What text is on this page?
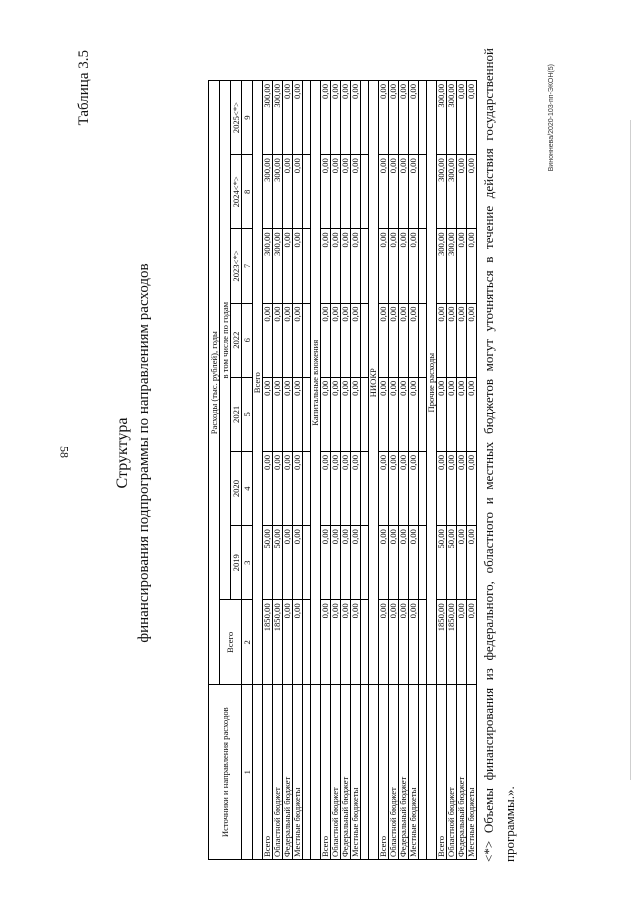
58
Таблица 3.5
Структура финансирования подпрограммы по направлениям расходов
Источники и направления расходов	Расходы (тыс. рублей), годы							
	Всего	в том числе по годам						
		2019	2020	2021	2022	2023<*>	2024<*>	2025<*>
1	2	3	4	5	6	7	8	9
	Всего							
Всего	1850,00	50,00	0,00	0,00	0,00	300,00	300,00	300,00
Областной бюджет	1850,00	50,00	0,00	0,00	0,00	300,00	300,00	300,00
Федеральный бюджет	0,00	0,00	0,00	0,00	0,00	0,00	0,00	0,00
Местные бюджеты	0,00	0,00	0,00	0,00	0,00	0,00	0,00	0,00

	Капитальные вложения							
Всего	0,00	0,00	0,00	0,00	0,00	0,00	0,00	0,00
Областной бюджет	0,00	0,00	0,00	0,00	0,00	0,00	0,00	0,00
Федеральный бюджет	0,00	0,00	0,00	0,00	0,00	0,00	0,00	0,00
Местные бюджеты	0,00	0,00	0,00	0,00	0,00	0,00	0,00	0,00

	НИОКР							
Всего	0,00	0,00	0,00	0,00	0,00	0,00	0,00	0,00
Областной бюджет	0,00	0,00	0,00	0,00	0,00	0,00	0,00	0,00
Федеральный бюджет	0,00	0,00	0,00	0,00	0,00	0,00	0,00	0,00
Местные бюджеты	0,00	0,00	0,00	0,00	0,00	0,00	0,00	0,00

	Прочие расходы							
Всего	1850,00	50,00	0,00	0,00	0,00	300,00	300,00	300,00
Областной бюджет	1850,00	50,00	0,00	0,00	0,00	300,00	300,00	300,00
Федеральный бюджет	0,00	0,00	0,00	0,00	0,00	0,00	0,00	0,00
Местные бюджеты	0,00	0,00	0,00	0,00	0,00	0,00	0,00	0,00 <*> Объемы финансирования из федерального, областного и местных бюджетов могут уточняться в течение действия государственной программы.».
Виноннева/2020-103-пп-ЭКОН(5)
